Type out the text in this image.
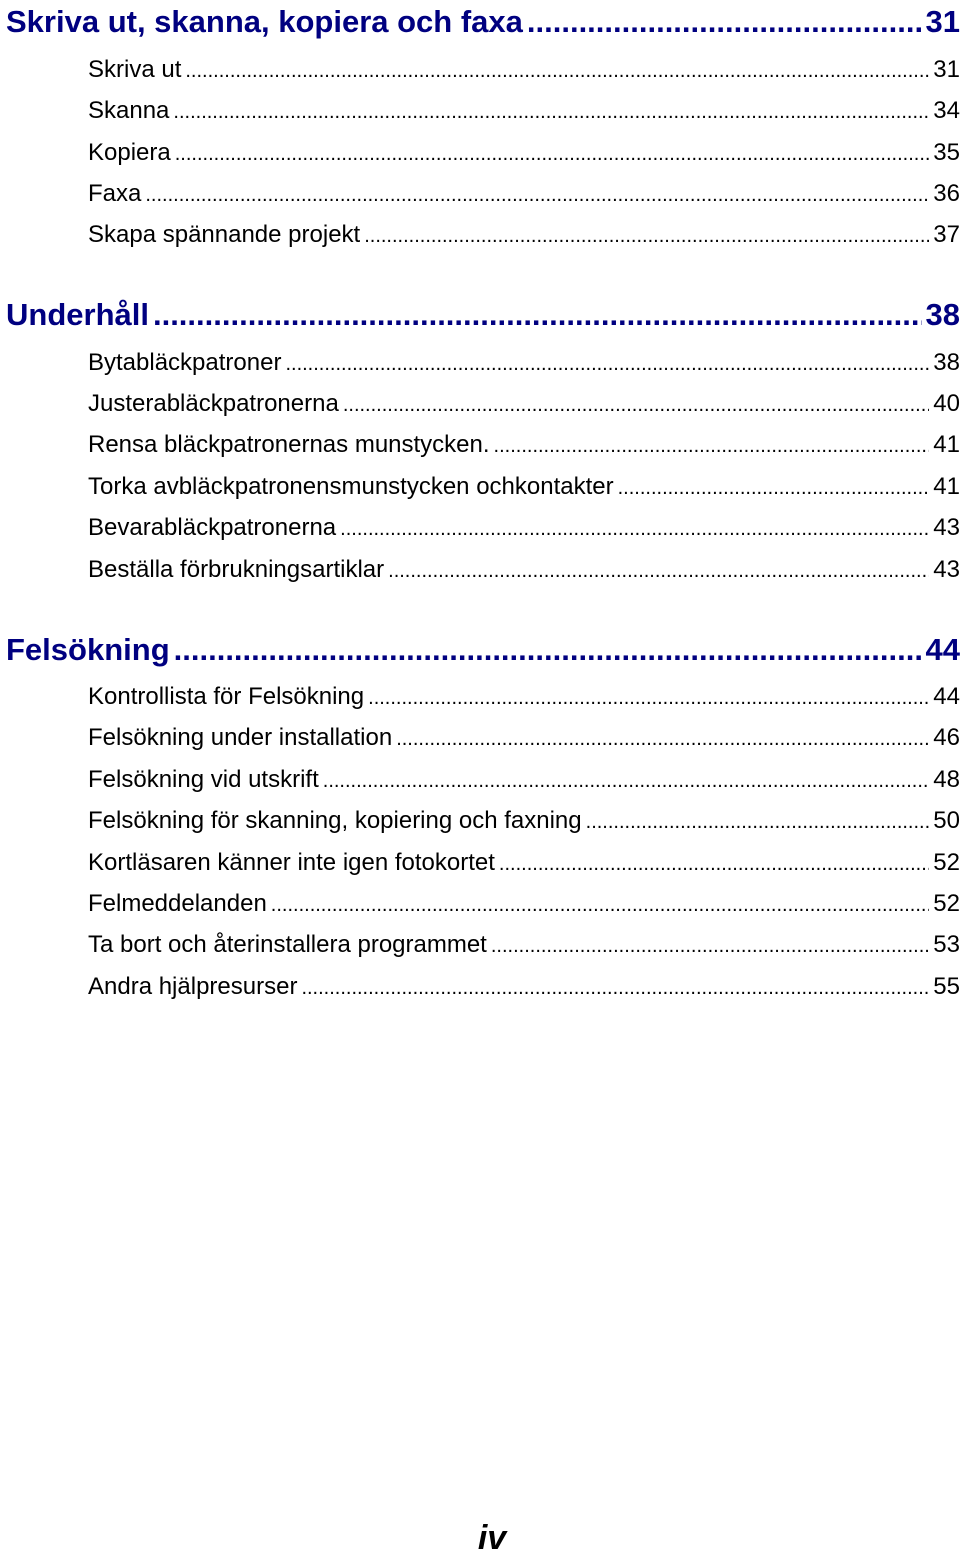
Skriva ut, skanna, kopiera och faxa .....	31
Skriva ut .....	31
Skanna .....	34
Kopiera .....	35
Faxa .....	36
Skapa spännande projekt .....	37
Underhåll .....	38
Bytabläckpatroner .....	38
Justerabläckpatronerna .....	40
Rensa bläckpatronernas munstycken. .....	41
Torka avbläckpatronensmunstycken ochkontakter .....	41
Bevarabläckpatronerna .....	43
Beställa förbrukningsartiklar .....	43
Felsökning .....	44
Kontrollista för Felsökning .....	44
Felsökning under installation .....	46
Felsökning vid utskrift .....	48
Felsökning för skanning, kopiering och faxning .....	50
Kortläsaren känner inte igen fotokortet .....	52
Felmeddelanden .....	52
Ta bort och återinstallera programmet .....	53
Andra hjälpresurser .....	55
iv
